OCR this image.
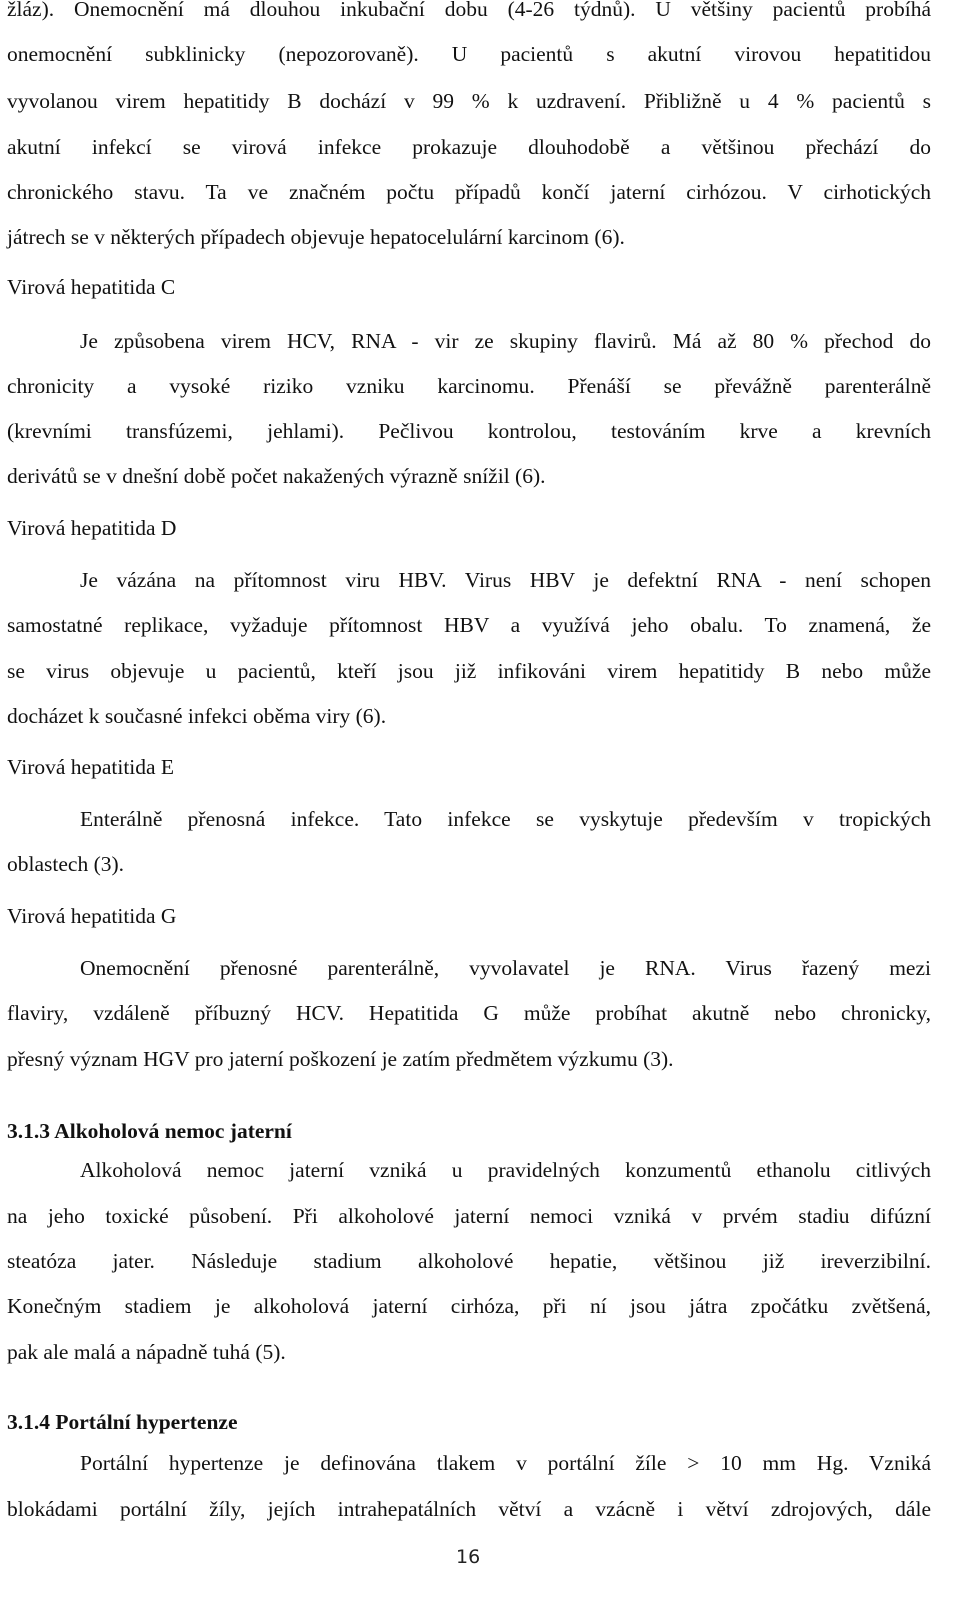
žláz). Onemocnění má dlouhou inkubační dobu (4-26 týdnů). U většiny pacientů probíhá
onemocnění subklinicky (nepozorovaně). U pacientů s akutní virovou hepatitidou
vyvolanou virem hepatitidy B dochází v 99 % k uzdravení. Přibližně u 4 % pacientů s
akutní infekcí se virová infekce prokazuje dlouhodobě a většinou přechází do
chronického stavu. Ta ve značném počtu případů končí jaterní cirhózou. V cirhotických
játrech se v některých případech objevuje hepatocelulární karcinom (6).
Virová hepatitida C
Je způsobena virem HCV, RNA - vir ze skupiny flavirů. Má až 80 % přechod do
chronicity a vysoké riziko vzniku karcinomu. Přenáší se převážně parenterálně
(krevními transfúzemi, jehlami). Pečlivou kontrolou, testováním krve a krevních
derivátů se v dnešní době počet nakažených výrazně snížil (6).
Virová hepatitida D
Je vázána na přítomnost viru HBV. Virus HBV je defektní RNA - není schopen
samostatné replikace, vyžaduje přítomnost HBV a využívá jeho obalu. To znamená, že
se virus objevuje u pacientů, kteří jsou již infikováni virem hepatitidy B nebo může
docházet k současné infekci oběma viry (6).
Virová hepatitida E
Enterálně přenosná infekce. Tato infekce se vyskytuje především v tropických
oblastech (3).
Virová hepatitida G
Onemocnění přenosné parenterálně, vyvolavatel je RNA. Virus řazený mezi
flaviry, vzdáleně příbuzný HCV. Hepatitida G může probíhat akutně nebo chronicky,
přesný význam HGV pro jaterní poškození je zatím předmětem výzkumu (3).
3.1.3 Alkoholová nemoc jaterní
Alkoholová nemoc jaterní vzniká u pravidelných konzumentů ethanolu citlivých
na jeho toxické působení. Při alkoholové jaterní nemoci vzniká v prvém stadiu difúzní
steatóza jater. Následuje stadium alkoholové hepatie, většinou již ireverzibilní.
Konečným stadiem je alkoholová jaterní cirhóza, při ní jsou játra zpočátku zvětšená,
pak ale malá a nápadně tuhá (5).
3.1.4 Portální hypertenze
Portální hypertenze je definována tlakem v portální žíle > 10 mm Hg. Vzniká
blokádami portální žíly, jejích intrahepatálních větví a vzácně i větví zdrojových, dále
16
